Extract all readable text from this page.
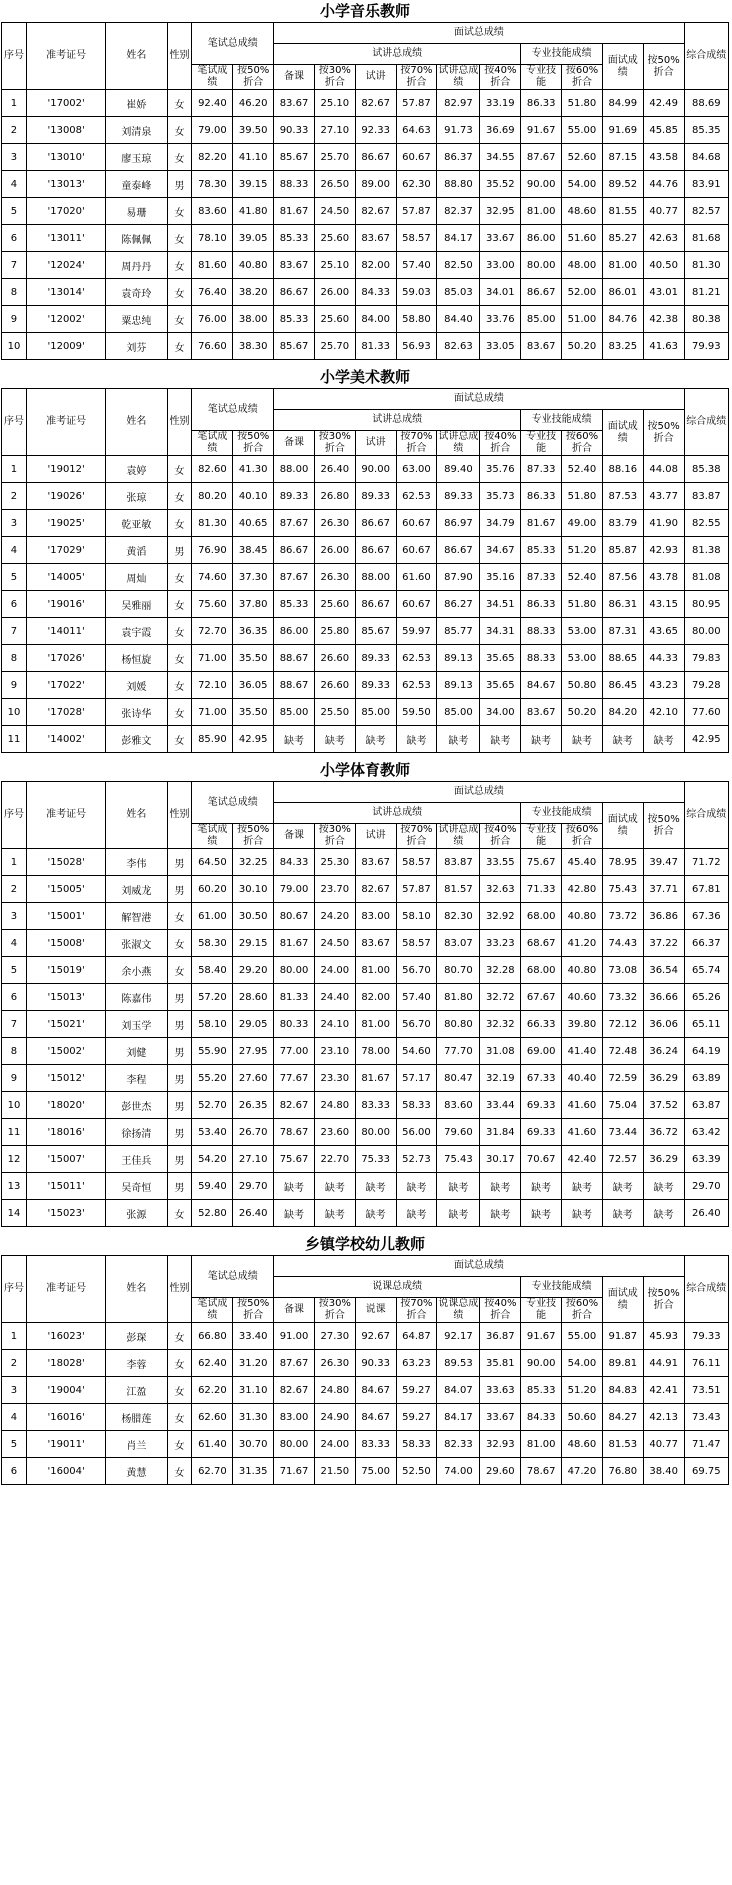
小学音乐教师
序号	准考证号	姓名	性别	笔试总成绩		面试总成绩										综合成绩
						试讲总成绩						专业技能成绩		面试成绩	按50%折合	
				笔试成绩	按50%折合	备课	按30%折合	试讲	按70%折合	试讲总成绩	按40%折合	专业技能	按60%折合			
1	'17002'	崔娇	女	92.40	46.20	83.67	25.10	82.67	57.87	82.97	33.19	86.33	51.80	84.99	42.49	88.69
2	'13008'	刘清泉	女	79.00	39.50	90.33	27.10	92.33	64.63	91.73	36.69	91.67	55.00	91.69	45.85	85.35
3	'13010'	廖玉琼	女	82.20	41.10	85.67	25.70	86.67	60.67	86.37	34.55	87.67	52.60	87.15	43.58	84.68
4	'13013'	童泰峰	男	78.30	39.15	88.33	26.50	89.00	62.30	88.80	35.52	90.00	54.00	89.52	44.76	83.91
5	'17020'	易珊	女	83.60	41.80	81.67	24.50	82.67	57.87	82.37	32.95	81.00	48.60	81.55	40.77	82.57
6	'13011'	陈佩佩	女	78.10	39.05	85.33	25.60	83.67	58.57	84.17	33.67	86.00	51.60	85.27	42.63	81.68
7	'12024'	周丹丹	女	81.60	40.80	83.67	25.10	82.00	57.40	82.50	33.00	80.00	48.00	81.00	40.50	81.30
8	'13014'	袁奇玲	女	76.40	38.20	86.67	26.00	84.33	59.03	85.03	34.01	86.67	52.00	86.01	43.01	81.21
9	'12002'	粟忠纯	女	76.00	38.00	85.33	25.60	84.00	58.80	84.40	33.76	85.00	51.00	84.76	42.38	80.38
10	'12009'	刘芬	女	76.60	38.30	85.67	25.70	81.33	56.93	82.63	33.05	83.67	50.20	83.25	41.63	79.93
小学美术教师
序号	准考证号	姓名	性别	笔试总成绩		面试总成绩										综合成绩
						试讲总成绩						专业技能成绩		面试成绩	按50%折合	
				笔试成绩	按50%折合	备课	按30%折合	试讲	按70%折合	试讲总成绩	按40%折合	专业技能	按60%折合			
1	'19012'	袁婷	女	82.60	41.30	88.00	26.40	90.00	63.00	89.40	35.76	87.33	52.40	88.16	44.08	85.38
2	'19026'	张琼	女	80.20	40.10	89.33	26.80	89.33	62.53	89.33	35.73	86.33	51.80	87.53	43.77	83.87
3	'19025'	乾亚敏	女	81.30	40.65	87.67	26.30	86.67	60.67	86.97	34.79	81.67	49.00	83.79	41.90	82.55
4	'17029'	黄滔	男	76.90	38.45	86.67	26.00	86.67	60.67	86.67	34.67	85.33	51.20	85.87	42.93	81.38
5	'14005'	周灿	女	74.60	37.30	87.67	26.30	88.00	61.60	87.90	35.16	87.33	52.40	87.56	43.78	81.08
6	'19016'	吴雅丽	女	75.60	37.80	85.33	25.60	86.67	60.67	86.27	34.51	86.33	51.80	86.31	43.15	80.95
7	'14011'	袁宇霞	女	72.70	36.35	86.00	25.80	85.67	59.97	85.77	34.31	88.33	53.00	87.31	43.65	80.00
8	'17026'	杨恒旋	女	71.00	35.50	88.67	26.60	89.33	62.53	89.13	35.65	88.33	53.00	88.65	44.33	79.83
9	'17022'	刘媛	女	72.10	36.05	88.67	26.60	89.33	62.53	89.13	35.65	84.67	50.80	86.45	43.23	79.28
10	'17028'	张诗华	女	71.00	35.50	85.00	25.50	85.00	59.50	85.00	34.00	83.67	50.20	84.20	42.10	77.60
11	'14002'	彭雅文	女	85.90	42.95	缺考	缺考	缺考	缺考	缺考	缺考	缺考	缺考	缺考	缺考	42.95
小学体育教师
序号	准考证号	姓名	性别	笔试总成绩		面试总成绩										综合成绩
						试讲总成绩						专业技能成绩		面试成绩	按50%折合	
				笔试成绩	按50%折合	备课	按30%折合	试讲	按70%折合	试讲总成绩	按40%折合	专业技能	按60%折合			
1	'15028'	李伟	男	64.50	32.25	84.33	25.30	83.67	58.57	83.87	33.55	75.67	45.40	78.95	39.47	71.72
2	'15005'	刘威龙	男	60.20	30.10	79.00	23.70	82.67	57.87	81.57	32.63	71.33	42.80	75.43	37.71	67.81
3	'15001'	解智港	女	61.00	30.50	80.67	24.20	83.00	58.10	82.30	32.92	68.00	40.80	73.72	36.86	67.36
4	'15008'	张淑文	女	58.30	29.15	81.67	24.50	83.67	58.57	83.07	33.23	68.67	41.20	74.43	37.22	66.37
5	'15019'	余小燕	女	58.40	29.20	80.00	24.00	81.00	56.70	80.70	32.28	68.00	40.80	73.08	36.54	65.74
6	'15013'	陈嘉伟	男	57.20	28.60	81.33	24.40	82.00	57.40	81.80	32.72	67.67	40.60	73.32	36.66	65.26
7	'15021'	刘玉学	男	58.10	29.05	80.33	24.10	81.00	56.70	80.80	32.32	66.33	39.80	72.12	36.06	65.11
8	'15002'	刘健	男	55.90	27.95	77.00	23.10	78.00	54.60	77.70	31.08	69.00	41.40	72.48	36.24	64.19
9	'15012'	李程	男	55.20	27.60	77.67	23.30	81.67	57.17	80.47	32.19	67.33	40.40	72.59	36.29	63.89
10	'18020'	彭世杰	男	52.70	26.35	82.67	24.80	83.33	58.33	83.60	33.44	69.33	41.60	75.04	37.52	63.87
11	'18016'	徐扬清	男	53.40	26.70	78.67	23.60	80.00	56.00	79.60	31.84	69.33	41.60	73.44	36.72	63.42
12	'15007'	王佳兵	男	54.20	27.10	75.67	22.70	75.33	52.73	75.43	30.17	70.67	42.40	72.57	36.29	63.39
13	'15011'	吴奇恒	男	59.40	29.70	缺考	缺考	缺考	缺考	缺考	缺考	缺考	缺考	缺考	缺考	29.70
14	'15023'	张源	女	52.80	26.40	缺考	缺考	缺考	缺考	缺考	缺考	缺考	缺考	缺考	缺考	26.40
乡镇学校幼儿教师
序号	准考证号	姓名	性别	笔试总成绩		面试总成绩										综合成绩
						说课总成绩						专业技能成绩		面试成绩	按50%折合	
				笔试成绩	按50%折合	备课	按30%折合	说课	按70%折合	说课总成绩	按40%折合	专业技能	按60%折合			
1	'16023'	彭琛	女	66.80	33.40	91.00	27.30	92.67	64.87	92.17	36.87	91.67	55.00	91.87	45.93	79.33
2	'18028'	李蓉	女	62.40	31.20	87.67	26.30	90.33	63.23	89.53	35.81	90.00	54.00	89.81	44.91	76.11
3	'19004'	江盈	女	62.20	31.10	82.67	24.80	84.67	59.27	84.07	33.63	85.33	51.20	84.83	42.41	73.51
4	'16016'	杨腊莲	女	62.60	31.30	83.00	24.90	84.67	59.27	84.17	33.67	84.33	50.60	84.27	42.13	73.43
5	'19011'	肖兰	女	61.40	30.70	80.00	24.00	83.33	58.33	82.33	32.93	81.00	48.60	81.53	40.77	71.47
6	'16004'	黄慧	女	62.70	31.35	71.67	21.50	75.00	52.50	74.00	29.60	78.67	47.20	76.80	38.40	69.75
